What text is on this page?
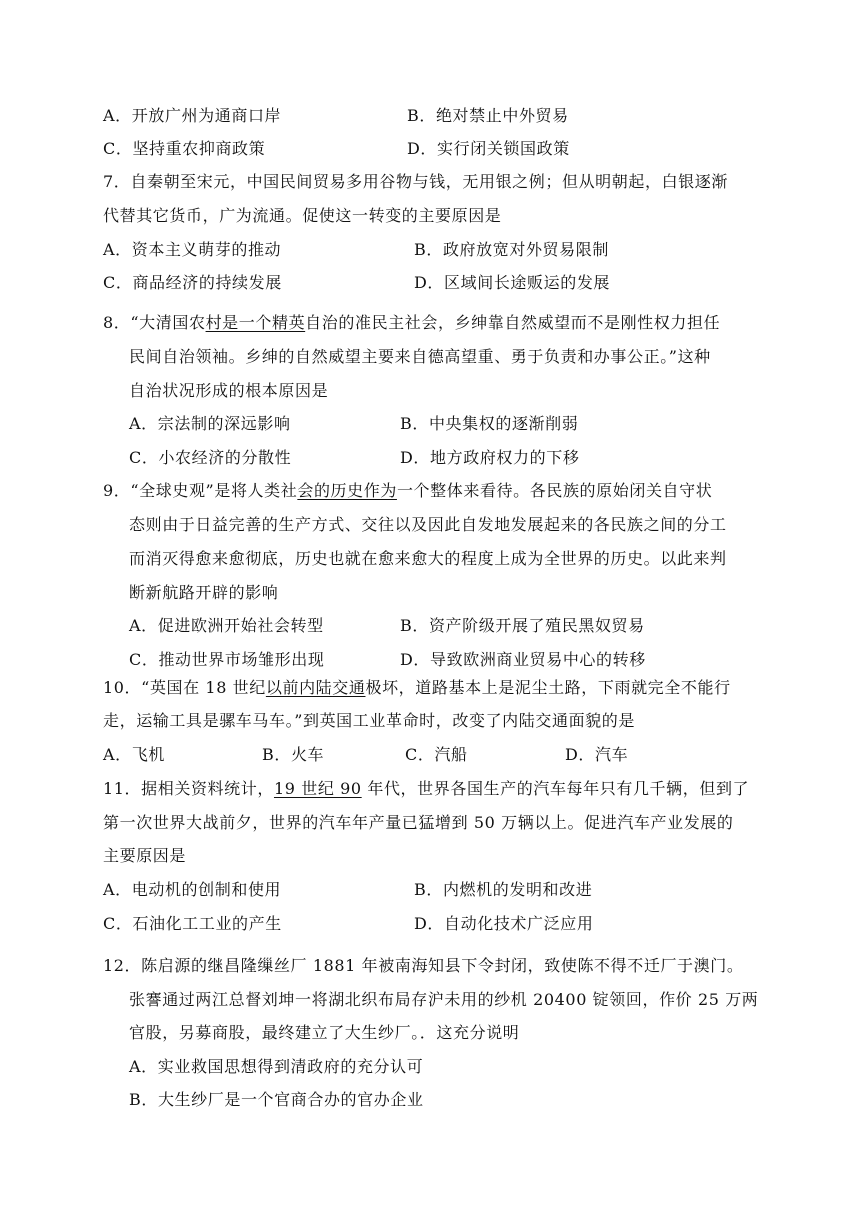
A．开放广州为通商口岸	B．绝对禁止中外贸易
C．坚持重农抑商政策	D．实行闭关锁国政策
7．自秦朝至宋元，中国民间贸易多用谷物与钱，无用银之例；但从明朝起，白银逐渐
代替其它货币，广为流通。促使这一转变的主要原因是
A．资本主义萌芽的推动	B．政府放宽对外贸易限制
C．商品经济的持续发展	D．区域间长途贩运的发展
8．“大清国农村是一个精英自治的准民主社会，乡绅靠自然威望而不是刚性权力担任
民间自治领袖。乡绅的自然威望主要来自德高望重、勇于负责和办事公正。”这种
自治状况形成的根本原因是
A．宗法制的深远影响	B．中央集权的逐渐削弱
C．小农经济的分散性	D．地方政府权力的下移
9．“全球史观”是将人类社会的历史作为一个整体来看待。各民族的原始闭关自守状
态则由于日益完善的生产方式、交往以及因此自发地发展起来的各民族之间的分工
而消灭得愈来愈彻底，历史也就在愈来愈大的程度上成为全世界的历史。以此来判
断新航路开辟的影响
A．促进欧洲开始社会转型	B．资产阶级开展了殖民黑奴贸易
C．推动世界市场雏形出现	D．导致欧洲商业贸易中心的转移
10．“英国在 18 世纪以前内陆交通极坏，道路基本上是泥尘土路，下雨就完全不能行
走，运输工具是骡车马车。”到英国工业革命时，改变了内陆交通面貌的是
A．飞机	B．火车	C．汽船	D．汽车
11．据相关资料统计，19 世纪 90 年代，世界各国生产的汽车每年只有几千辆，但到了
第一次世界大战前夕，世界的汽车年产量已猛增到 50 万辆以上。促进汽车产业发展的
主要原因是
A．电动机的创制和使用	B．内燃机的发明和改进
C．石油化工工业的产生	D．自动化技术广泛应用
12．陈启源的继昌隆缫丝厂 1881 年被南海知县下令封闭，致使陈不得不迁厂于澳门。
张謇通过两江总督刘坤一将湖北织布局存沪未用的纱机 20400 锭领回，作价 25 万两
官股，另募商股，最终建立了大生纱厂。．这充分说明
A．实业救国思想得到清政府的充分认可
B．大生纱厂是一个官商合办的官办企业
